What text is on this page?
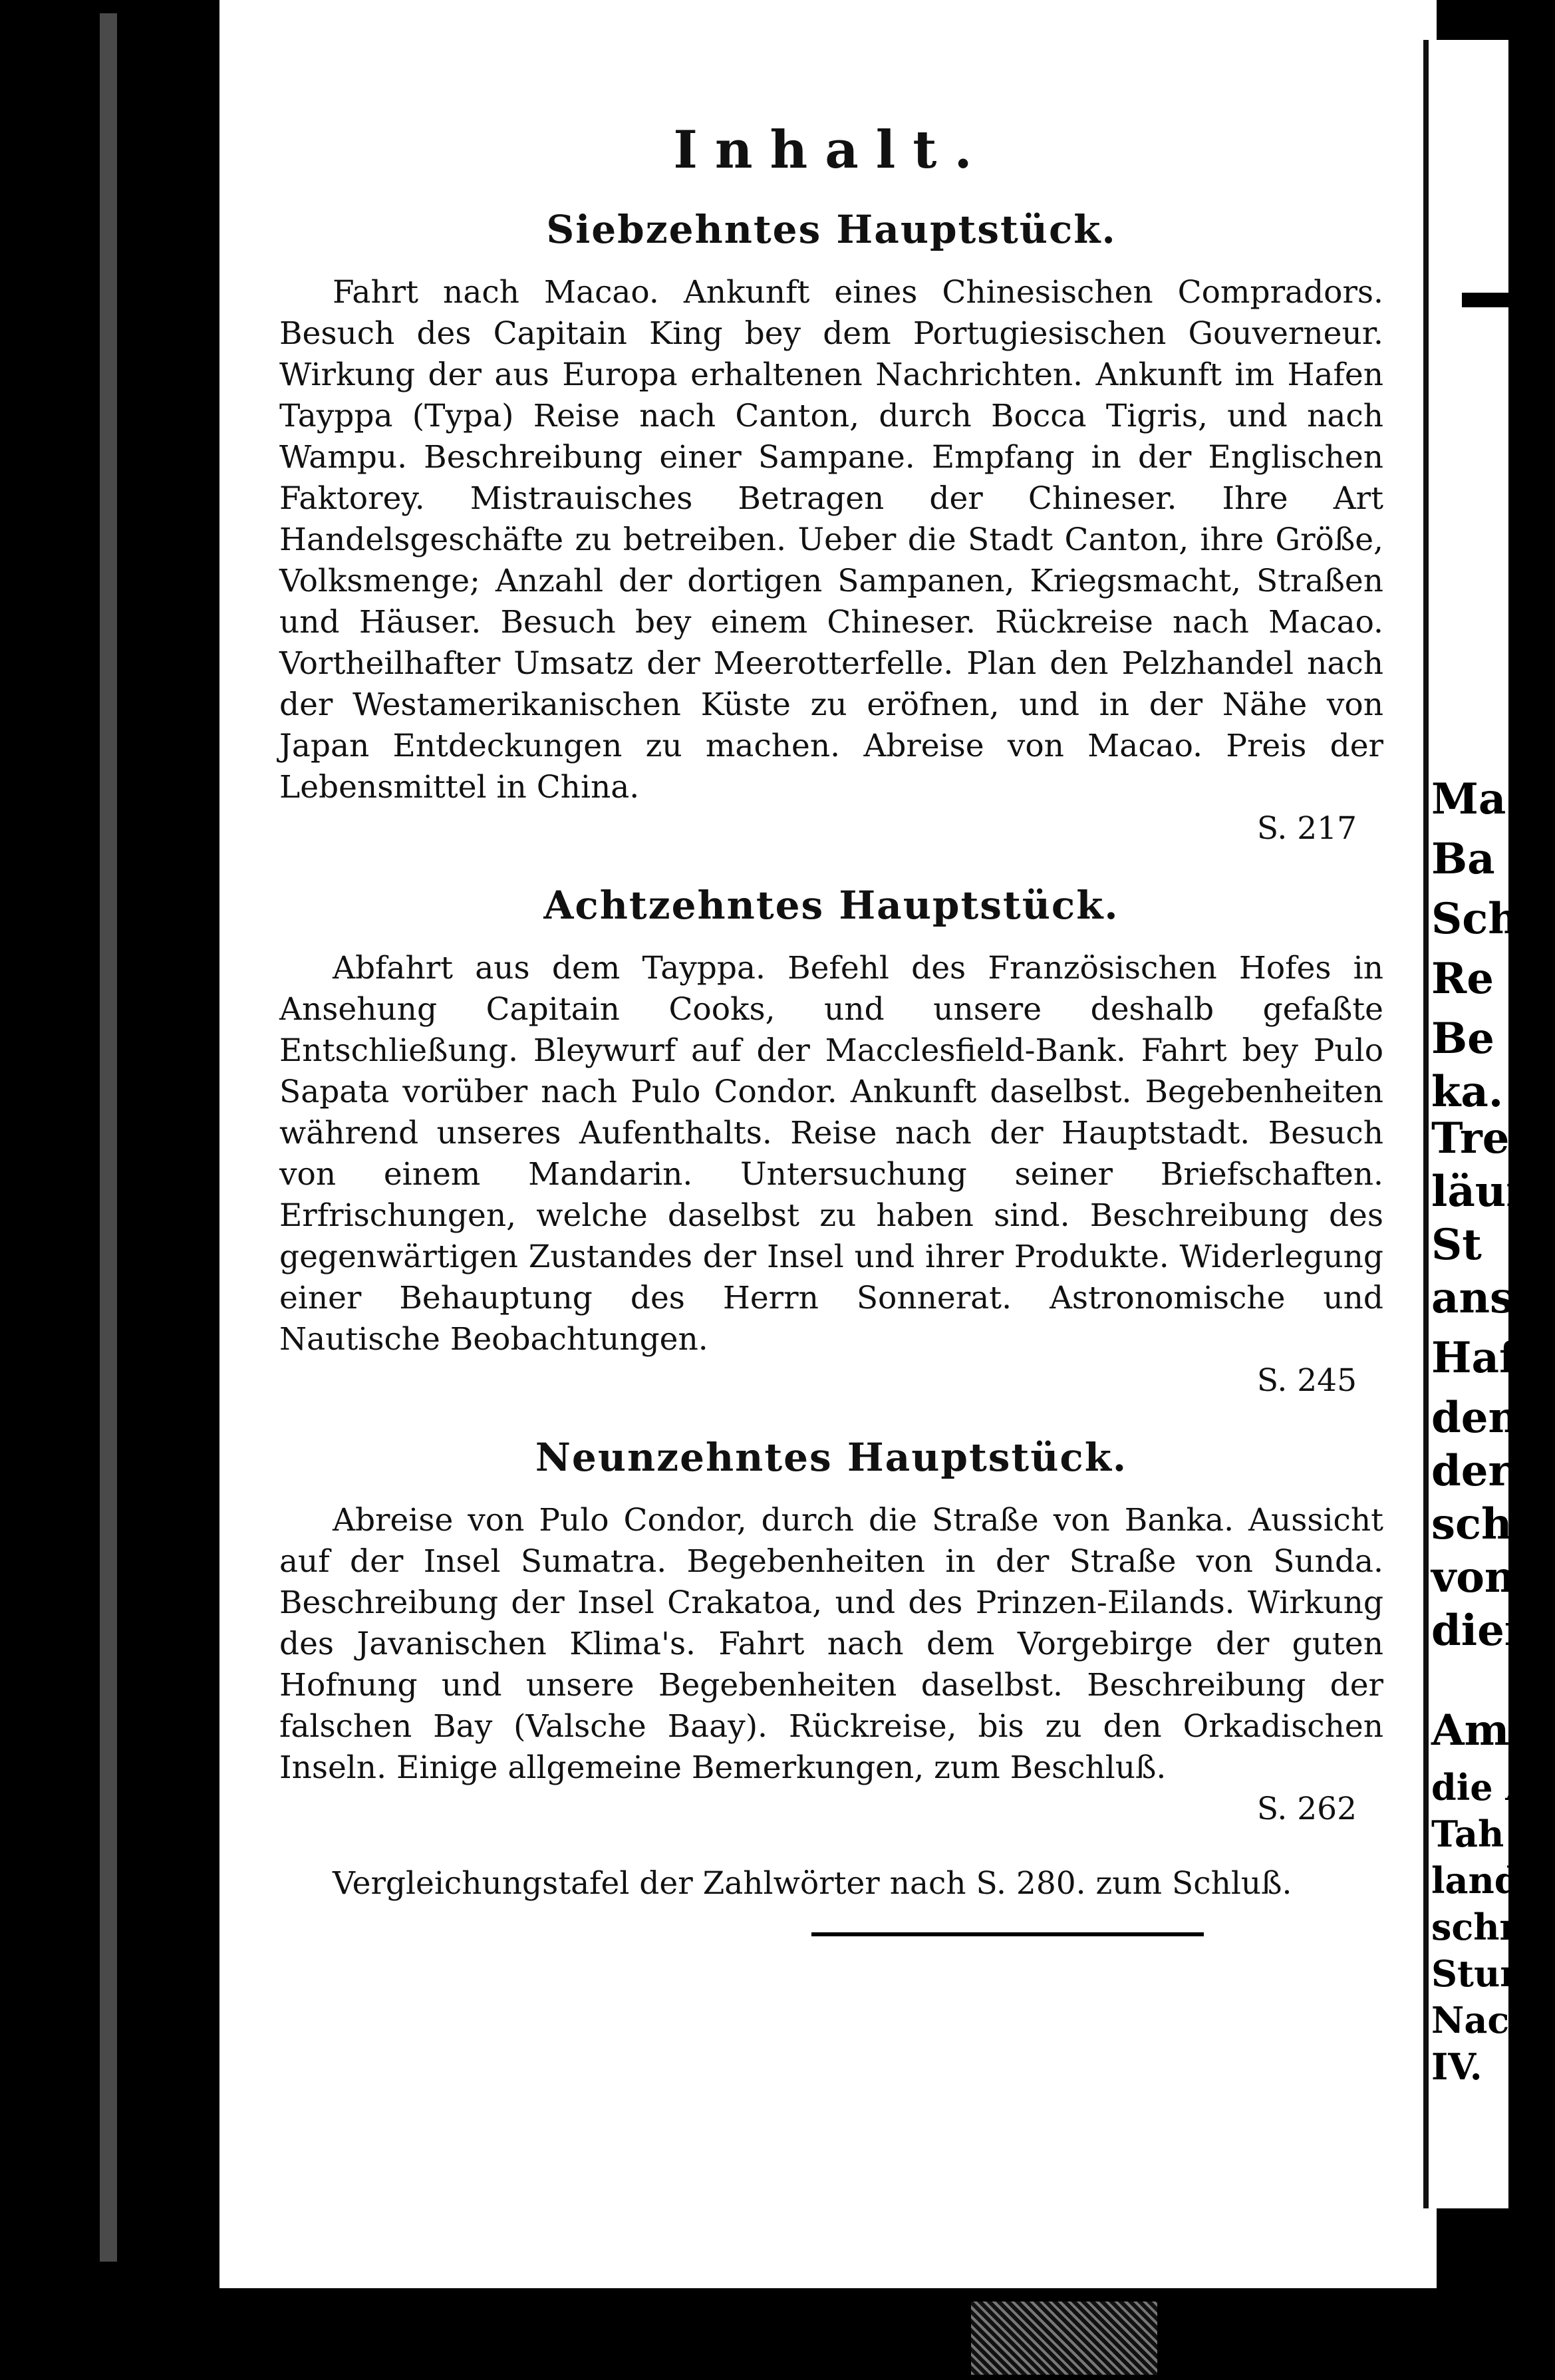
Inhalt.
Siebzehntes Hauptstück.

Fahrt nach Macao. Ankunft eines Chinesischen Compradors. Besuch des Capitain King bey dem Portugiesischen Gouverneur. Wirkung der aus Europa erhaltenen Nachrichten. Ankunft im Hafen Tayppa (Typa) Reise nach Canton, durch Bocca Tigris, und nach Wampu. Beschreibung einer Sampane. Empfang in der Englischen Faktorey. Mistrauisches Betragen der Chineser. Ihre Art Handelsgeschäfte zu betreiben. Ueber die Stadt Canton, ihre Größe, Volksmenge; Anzahl der dortigen Sampanen, Kriegsmacht, Straßen und Häuser. Besuch bey einem Chineser. Rückreise nach Macao. Vortheilhafter Umsatz der Meerotterfelle. Plan den Pelzhandel nach der Westamerikanischen Küste zu eröfnen, und in der Nähe von Japan Entdeckungen zu machen. Abreise von Macao. Preis der Lebensmittel in China.

S. 217
Achtzehntes Hauptstück.

Abfahrt aus dem Tayppa. Befehl des Französischen Hofes in Ansehung Capitain Cooks, und unsere deshalb gefaßte Entschließung. Bleywurf auf der Macclesfield-Bank. Fahrt bey Pulo Sapata vorüber nach Pulo Condor. Ankunft daselbst. Begebenheiten während unseres Aufenthalts. Reise nach der Hauptstadt. Besuch von einem Mandarin. Untersuchung seiner Briefschaften. Erfrischungen, welche daselbst zu haben sind. Beschreibung des gegenwärtigen Zustandes der Insel und ihrer Produkte. Widerlegung einer Behauptung des Herrn Sonnerat. Astronomische und Nautische Beobachtungen.

S. 245
Neunzehntes Hauptstück.

Abreise von Pulo Condor, durch die Straße von Banka. Aussicht auf der Insel Sumatra. Begebenheiten in der Straße von Sunda. Beschreibung der Insel Crakatoa, und des Prinzen-Eilands. Wirkung des Javanischen Klima's. Fahrt nach dem Vorgebirge der guten Hofnung und unsere Begebenheiten daselbst. Beschreibung der falschen Bay (Valsche Baay). Rückreise, bis zu den Orkadischen Inseln. Einige allgemeine Bemerkungen, zum Beschluß.

S. 262

Vergleichungstafel der Zahlwörter nach S. 280. zum Schluß.

Ma
Ba
Sch
Re
Be
ka.
Tre
läuf
St
ans
Haf
den
der
sche
von
dien
Am
die A
Tah
land
schrei
Stun
Nach
IV.
